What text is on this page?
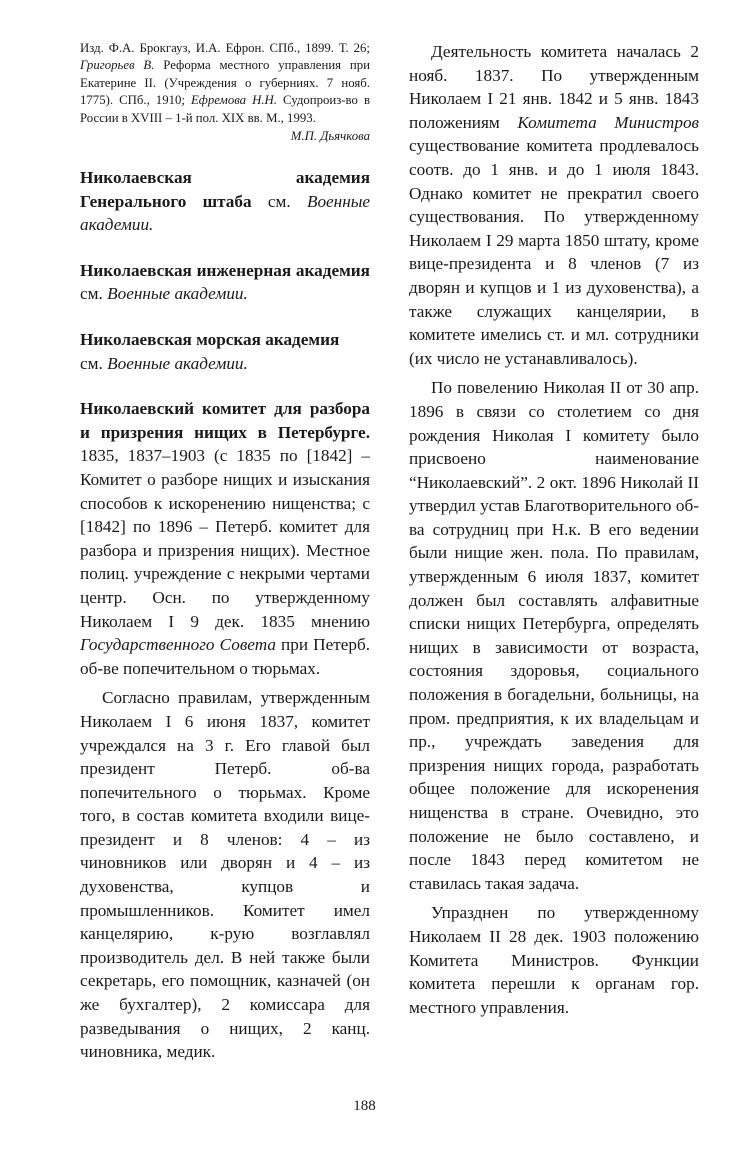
Изд. Ф.А. Брокгауз, И.А. Ефрон. СПб., 1899. Т. 26; Григорьев В. Реформа местного управления при Екатерине II. (Учреждения о губерниях. 7 нояб. 1775). СПб., 1910; Ефремова Н.Н. Судопроиз-во в России в XVIII – 1-й пол. XIX вв. М., 1993.

М.П. Дьячкова

Николаевская академия Генерального штаба см. Военные академии.

Николаевская инженерная академия см. Военные академии.

Николаевская морская академия
см. Военные академии.

Николаевский комитет для разбора и призрения нищих в Петербурге. 1835, 1837–1903 (с 1835 по [1842] – Комитет о разборе нищих и изыскания способов к искоренению нищенства; с [1842] по 1896 – Петерб. комитет для разбора и призрения нищих). Местное полиц. учреждение с некрыми чертами центр. Осн. по утвержденному Николаем I 9 дек. 1835 мнению Государственного Совета при Петерб. об-ве попечительном о тюрьмах.

Согласно правилам, утвержденным Николаем I 6 июня 1837, комитет учреждался на 3 г. Его главой был президент Петерб. об-ва попечительного о тюрьмах. Кроме того, в состав комитета входили вице-президент и 8 членов: 4 – из чиновников или дворян и 4 – из духовенства, купцов и промышленников. Комитет имел канцелярию, к-рую возглавлял производитель дел. В ней также были секретарь, его помощник, казначей (он же бухгалтер), 2 комиссара для разведывания о нищих, 2 канц. чиновника, медик.

Деятельность комитета началась 2 нояб. 1837. По утвержденным Николаем I 21 янв. 1842 и 5 янв. 1843 положениям Комитета Министров существование комитета продлевалось соотв. до 1 янв. и до 1 июля 1843. Однако комитет не прекратил своего существования. По утвержденному Николаем I 29 марта 1850 штату, кроме вице-президента и 8 членов (7 из дворян и купцов и 1 из духовенства), а также служащих канцелярии, в комитете имелись ст. и мл. сотрудники (их число не устанавливалось).

По повелению Николая II от 30 апр. 1896 в связи со столетием со дня рождения Николая I комитету было присвоено наименование “Николаевский”. 2 окт. 1896 Николай II утвердил устав Благотворительного об-ва сотрудниц при Н.к. В его ведении были нищие жен. пола. По правилам, утвержденным 6 июля 1837, комитет должен был составлять алфавитные списки нищих Петербурга, определять нищих в зависимости от возраста, состояния здоровья, социального положения в богадельни, больницы, на пром. предприятия, к их владельцам и пр., учреждать заведения для призрения нищих города, разработать общее положение для искоренения нищенства в стране. Очевидно, это положение не было составлено, и после 1843 перед комитетом не ставилась такая задача.

Упразднен по утвержденному Николаем II 28 дек. 1903 положению Комитета Министров. Функции комитета перешли к органам гор. местного управления.

188
